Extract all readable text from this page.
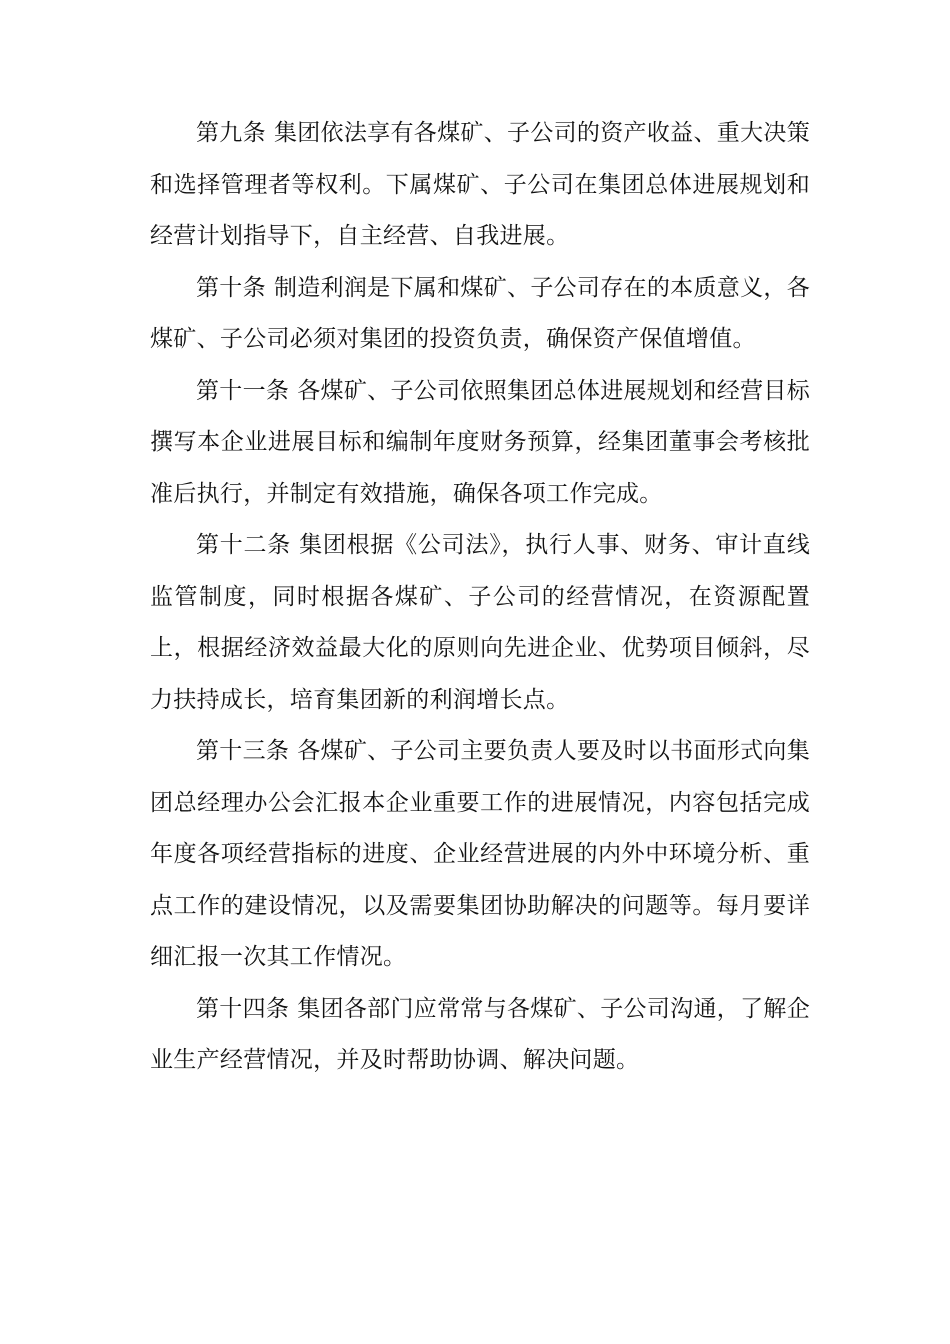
第九条 集团依法享有各煤矿、子公司的资产收益、重大决策和选择管理者等权利。下属煤矿、子公司在集团总体进展规划和经营计划指导下，自主经营、自我进展。

第十条 制造利润是下属和煤矿、子公司存在的本质意义，各煤矿、子公司必须对集团的投资负责，确保资产保值增值。

第十一条 各煤矿、子公司依照集团总体进展规划和经营目标撰写本企业进展目标和编制年度财务预算，经集团董事会考核批准后执行，并制定有效措施，确保各项工作完成。

第十二条 集团根据《公司法》，执行人事、财务、审计直线监管制度，同时根据各煤矿、子公司的经营情况，在资源配置上，根据经济效益最大化的原则向先进企业、优势项目倾斜，尽力扶持成长，培育集团新的利润增长点。

第十三条 各煤矿、子公司主要负责人要及时以书面形式向集团总经理办公会汇报本企业重要工作的进展情况，内容包括完成年度各项经营指标的进度、企业经营进展的内外中环境分析、重点工作的建设情况，以及需要集团协助解决的问题等。每月要详细汇报一次其工作情况。

第十四条 集团各部门应常常与各煤矿、子公司沟通，了解企业生产经营情况，并及时帮助协调、解决问题。
